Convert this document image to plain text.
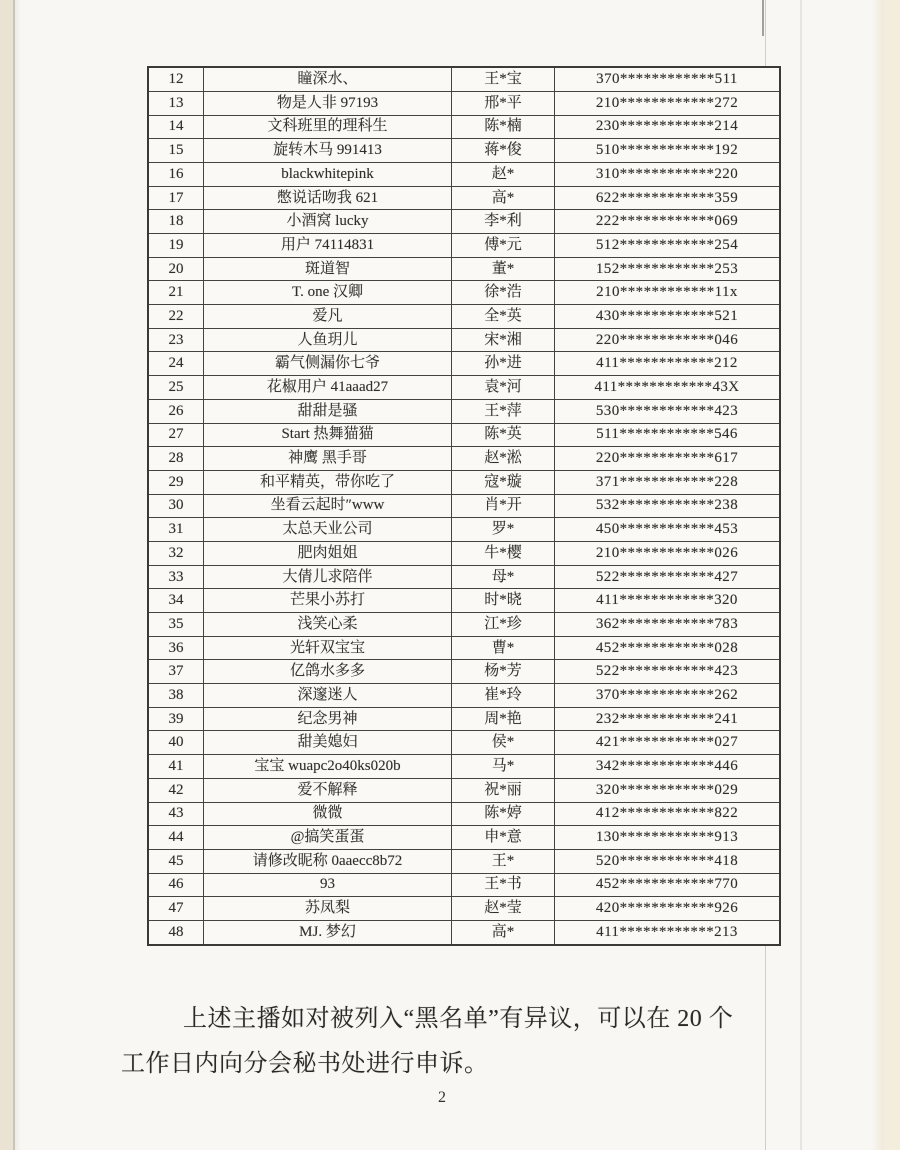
12	瞳深水、	王*宝	370************511
13	物是人非 97193	邢*平	210************272
14	文科班里的理科生	陈*楠	230************214
15	旋转木马 991413	蒋*俊	510************192
16	blackwhitepink	赵*	310************220
17	憋说话吻我 621	高*	622************359
18	小酒窝 lucky	李*利	222************069
19	用户 74114831	傅*元	512************254
20	斑道智	董*	152************253
21	T. one 汉卿	徐*浩	210************11x
22	爱凡	全*英	430************521
23	人鱼玥儿	宋*湘	220************046
24	霸气侧漏你七爷	孙*进	411************212
25	花椒用户 41aaad27	袁*河	411************43X
26	甜甜是骚	王*萍	530************423
27	Start 热舞猫猫	陈*英	511************546
28	神鹰 黑手哥	赵*淞	220************617
29	和平精英，带你吃了	寇*璇	371************228
30	坐看云起时″www	肖*开	532************238
31	太总天业公司	罗*	450************453
32	肥肉姐姐	牛*樱	210************026
33	大倩儿求陪伴	母*	522************427
34	芒果小苏打	时*晓	411************320
35	浅笑心柔	江*珍	362************783
36	光轩双宝宝	曹*	452************028
37	亿鸽水多多	杨*芳	522************423
38	深邃迷人	崔*玲	370************262
39	纪念男神	周*艳	232************241
40	甜美媳妇	侯*	421************027
41	宝宝 wuapc2o40ks020b	马*	342************446
42	爱不解释	祝*丽	320************029
43	微微	陈*婷	412************822
44	@搞笑蛋蛋	申*意	130************913
45	请修改昵称 0aaecc8b72	王*	520************418
46	93	王*书	452************770
47	苏凤梨	赵*莹	420************926
48	MJ. 梦幻	高*	411************213
上述主播如对被列入“黑名单”有异议，可以在 20 个
工作日内向分会秘书处进行申诉。
2
